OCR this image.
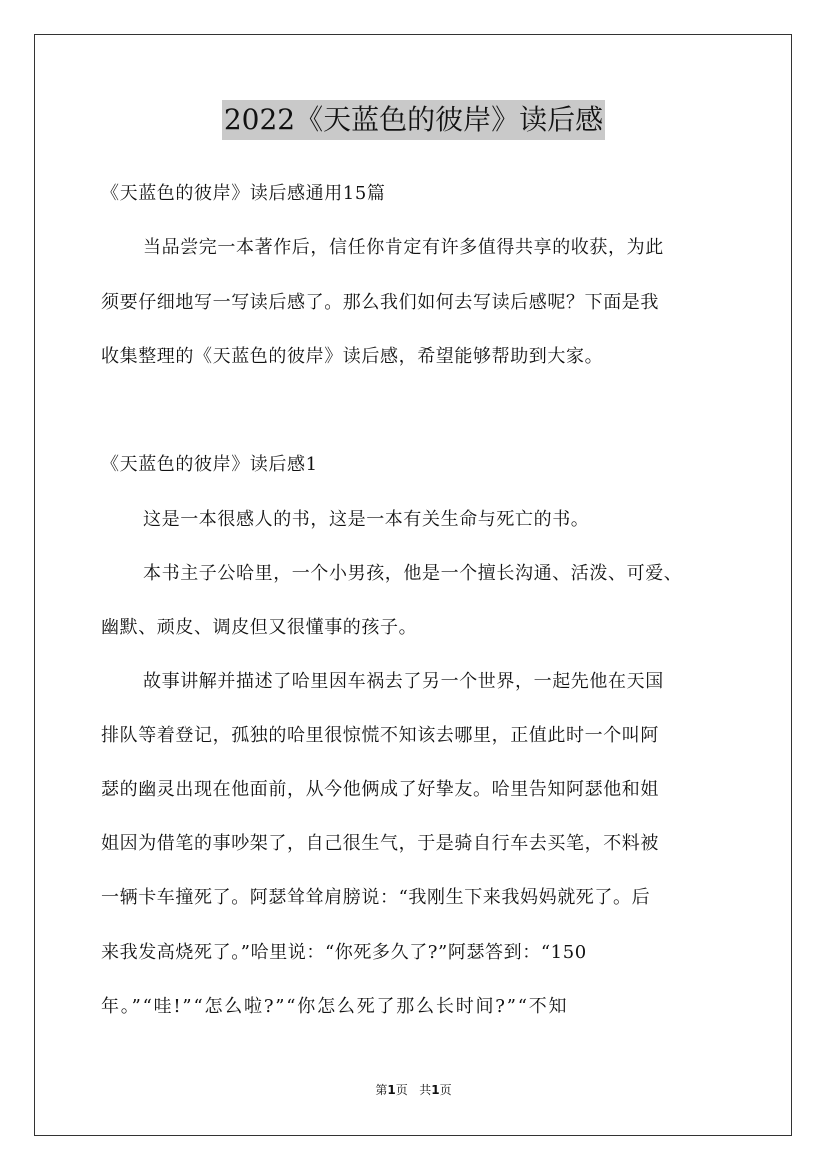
2022《天蓝色的彼岸》读后感
《天蓝色的彼岸》读后感通用15篇
当品尝完一本著作后，信任你肯定有许多值得共享的收获，为此
须要仔细地写一写读后感了。那么我们如何去写读后感呢？下面是我
收集整理的《天蓝色的彼岸》读后感，希望能够帮助到大家。
《天蓝色的彼岸》读后感1
这是一本很感人的书，这是一本有关生命与死亡的书。
本书主子公哈里，一个小男孩，他是一个擅长沟通、活泼、可爱、
幽默、顽皮、调皮但又很懂事的孩子。
故事讲解并描述了哈里因车祸去了另一个世界，一起先他在天国
排队等着登记，孤独的哈里很惊慌不知该去哪里，正值此时一个叫阿
瑟的幽灵出现在他面前，从今他俩成了好挚友。哈里告知阿瑟他和姐
姐因为借笔的事吵架了，自己很生气，于是骑自行车去买笔，不料被
一辆卡车撞死了。阿瑟耸耸肩膀说：“我刚生下来我妈妈就死了。后
来我发高烧死了。”哈里说：“你死多久了?”阿瑟答到：“150
年。”“哇!”“怎么啦?”“你怎么死了那么长时间?”“不知
第1页 共1页
